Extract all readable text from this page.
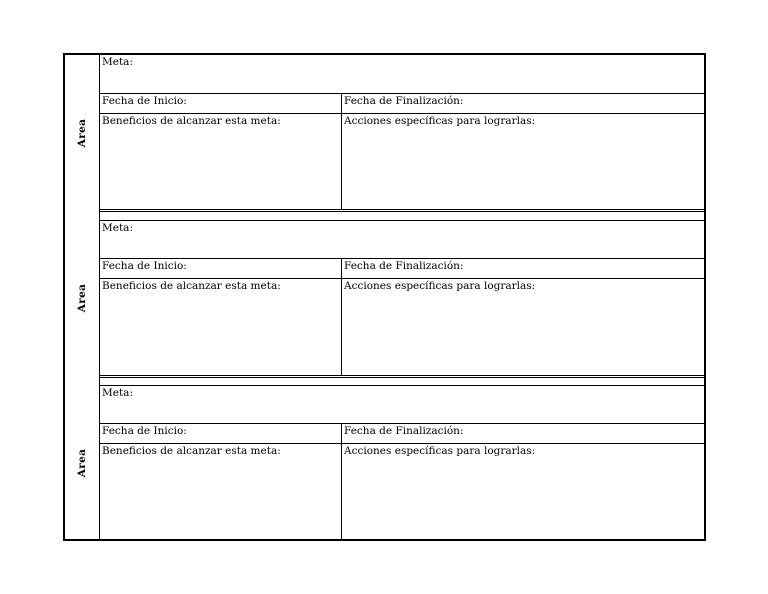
Area
Area
Area
Meta:
Fecha de Inicio:	Fecha de Finalización:
Beneficios de alcanzar esta meta:	Acciones específicas para lograrlas:
Meta:
Fecha de Inicio:	Fecha de Finalización:
Beneficios de alcanzar esta meta:	Acciones específicas para lograrlas:
Meta:
Fecha de Inicio:	Fecha de Finalización:
Beneficios de alcanzar esta meta:	Acciones específicas para lograrlas:
